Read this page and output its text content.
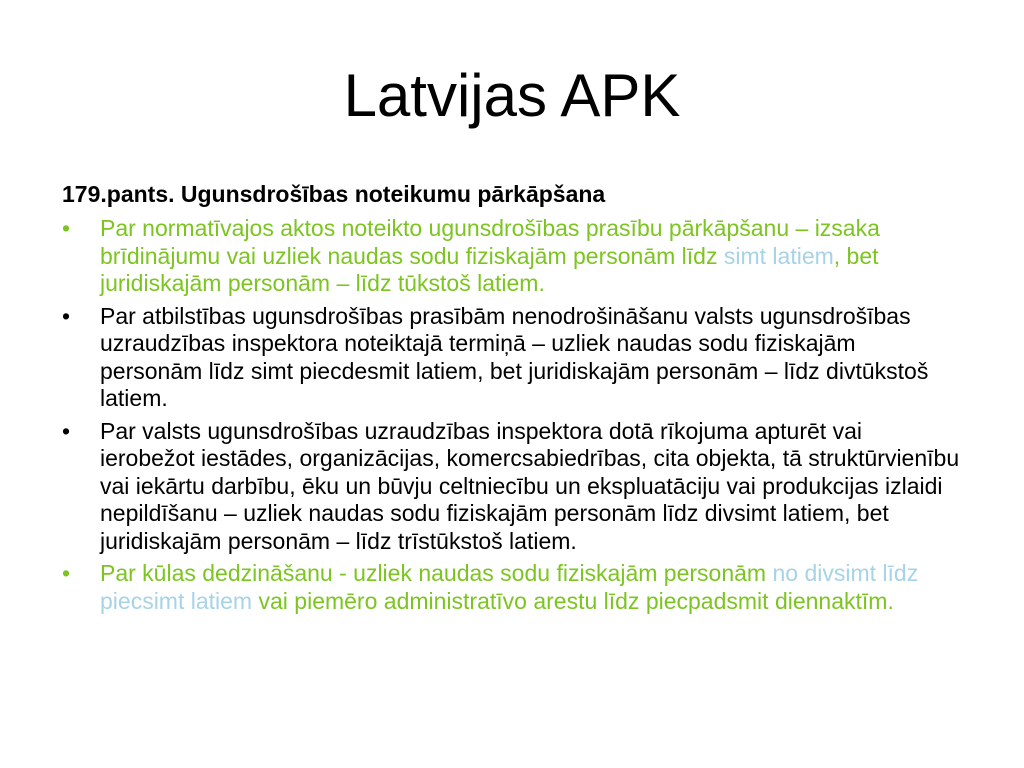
Latvijas APK
179.pants. Ugunsdrošības noteikumu pārkāpšana
•	Par normatīvajos aktos noteikto ugunsdrošības prasību pārkāpšanu – izsaka brīdinājumu vai uzliek naudas sodu fiziskajām personām līdz simt latiem, bet juridiskajām personām – līdz tūkstoš latiem.
•	Par atbilstības ugunsdrošības prasībām nenodrošināšanu valsts ugunsdrošības uzraudzības inspektora noteiktajā termiņā – uzliek naudas sodu fiziskajām personām līdz simt piecdesmit latiem, bet juridiskajām personām – līdz divtūkstoš latiem.
•	Par valsts ugunsdrošības uzraudzības inspektora dotā rīkojuma apturēt vai ierobežot iestādes, organizācijas, komercsabiedrības, cita objekta, tā struktūrvienību vai iekārtu darbību, ēku un būvju celtniecību un ekspluatāciju vai produkcijas izlaidi nepildīšanu – uzliek naudas sodu fiziskajām personām līdz divsimt latiem, bet juridiskajām personām – līdz trīstūkstoš latiem.
•	Par kūlas dedzināšanu - uzliek naudas sodu fiziskajām personām no divsimt līdz piecsimt latiem vai piemēro administratīvo arestu līdz piecpadsmit diennaktīm.
